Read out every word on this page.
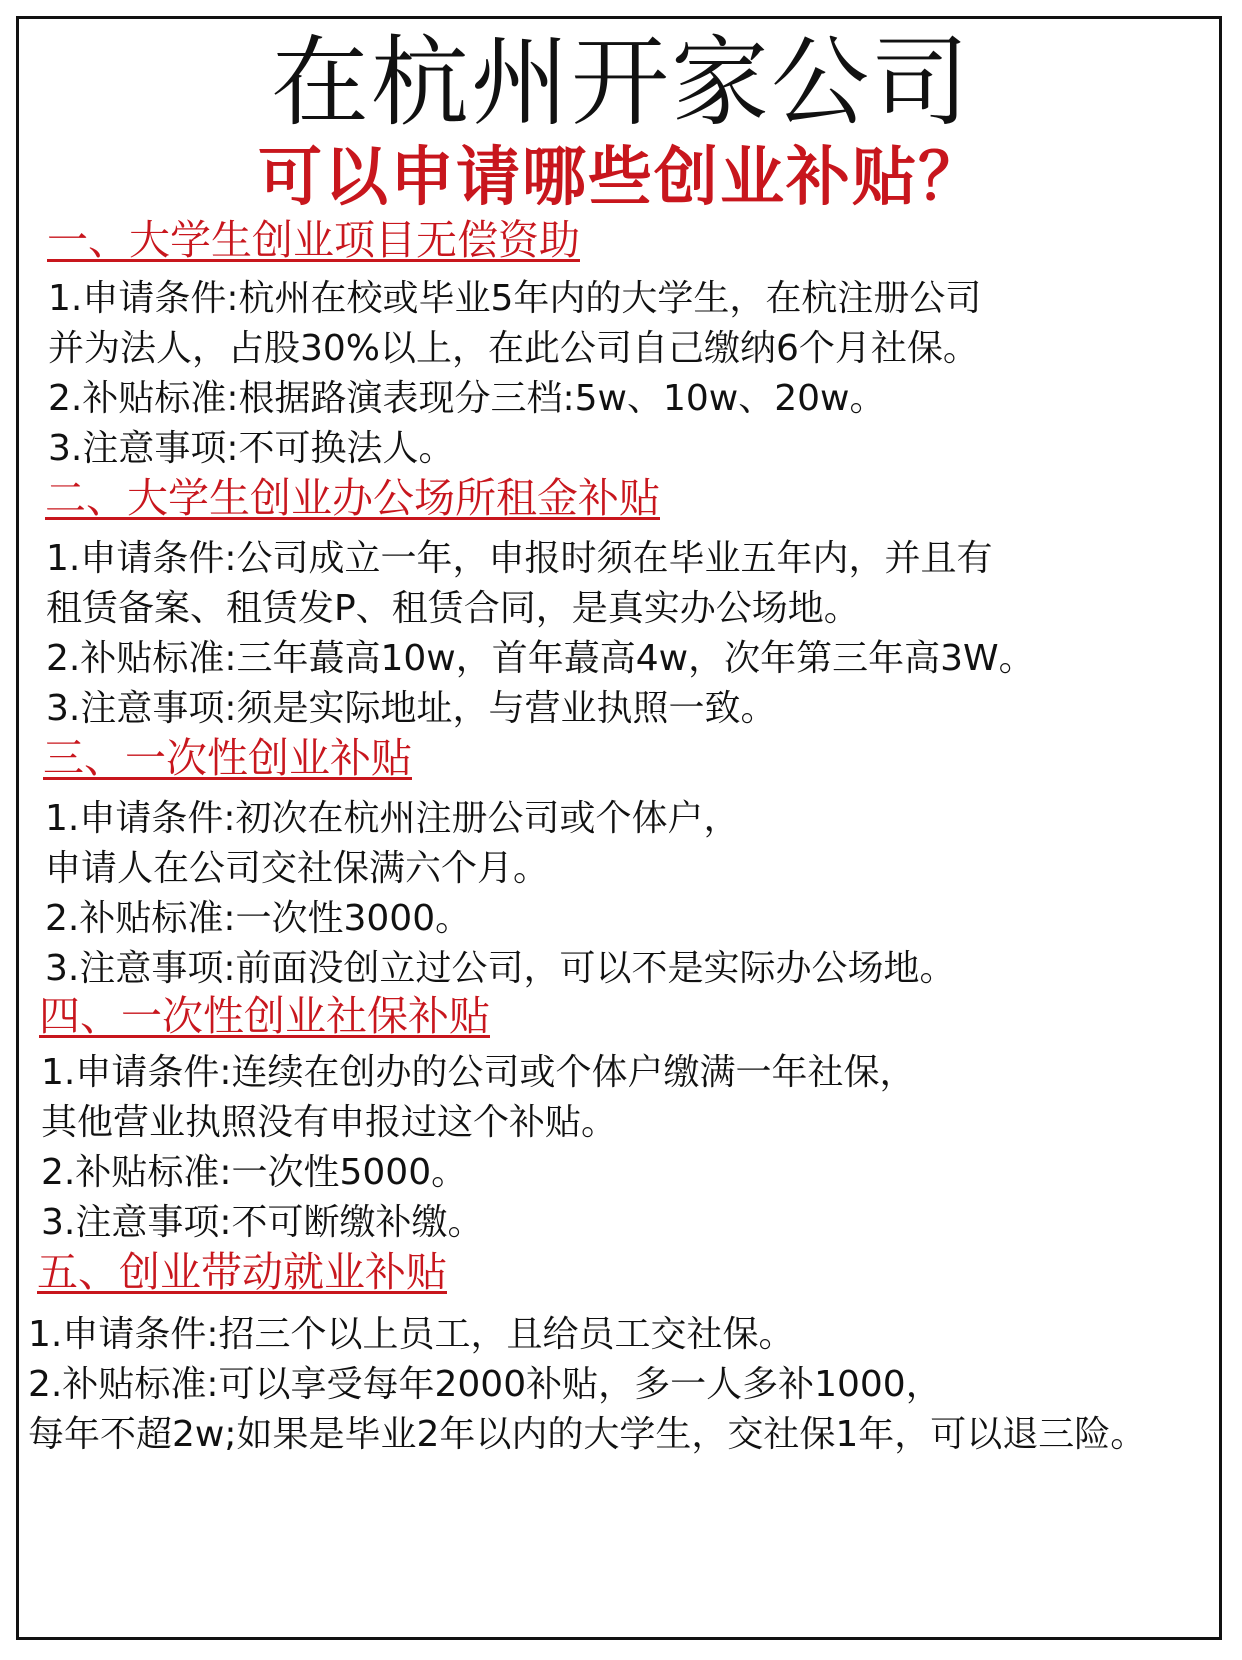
在杭州开家公司
可以申请哪些创业补贴？
一、大学生创业项目无偿资助
1.申请条件:杭州在校或毕业5年内的大学生，在杭注册公司
并为法人，占股30%以上，在此公司自己缴纳6个月社保。
2.补贴标准:根据路演表现分三档:5w、10w、20w。
3.注意事项:不可换法人。
二、大学生创业办公场所租金补贴
1.申请条件:公司成立一年，申报时须在毕业五年内，并且有
租赁备案、租赁发P、租赁合同，是真实办公场地。
2.补贴标准:三年蕞高10w，首年蕞高4w，次年第三年高3W。
3.注意事项:须是实际地址，与营业执照一致。
三、一次性创业补贴
1.申请条件:初次在杭州注册公司或个体户，
申请人在公司交社保满六个月。
2.补贴标准:一次性3000。
3.注意事项:前面没创立过公司，可以不是实际办公场地。
四、一次性创业社保补贴
1.申请条件:连续在创办的公司或个体户缴满一年社保，
其他营业执照没有申报过这个补贴。
2.补贴标准:一次性5000。
3.注意事项:不可断缴补缴。
五、创业带动就业补贴
1.申请条件:招三个以上员工，且给员工交社保。
2.补贴标准:可以享受每年2000补贴，多一人多补1000，
每年不超2w;如果是毕业2年以内的大学生，交社保1年，可以退三险。
